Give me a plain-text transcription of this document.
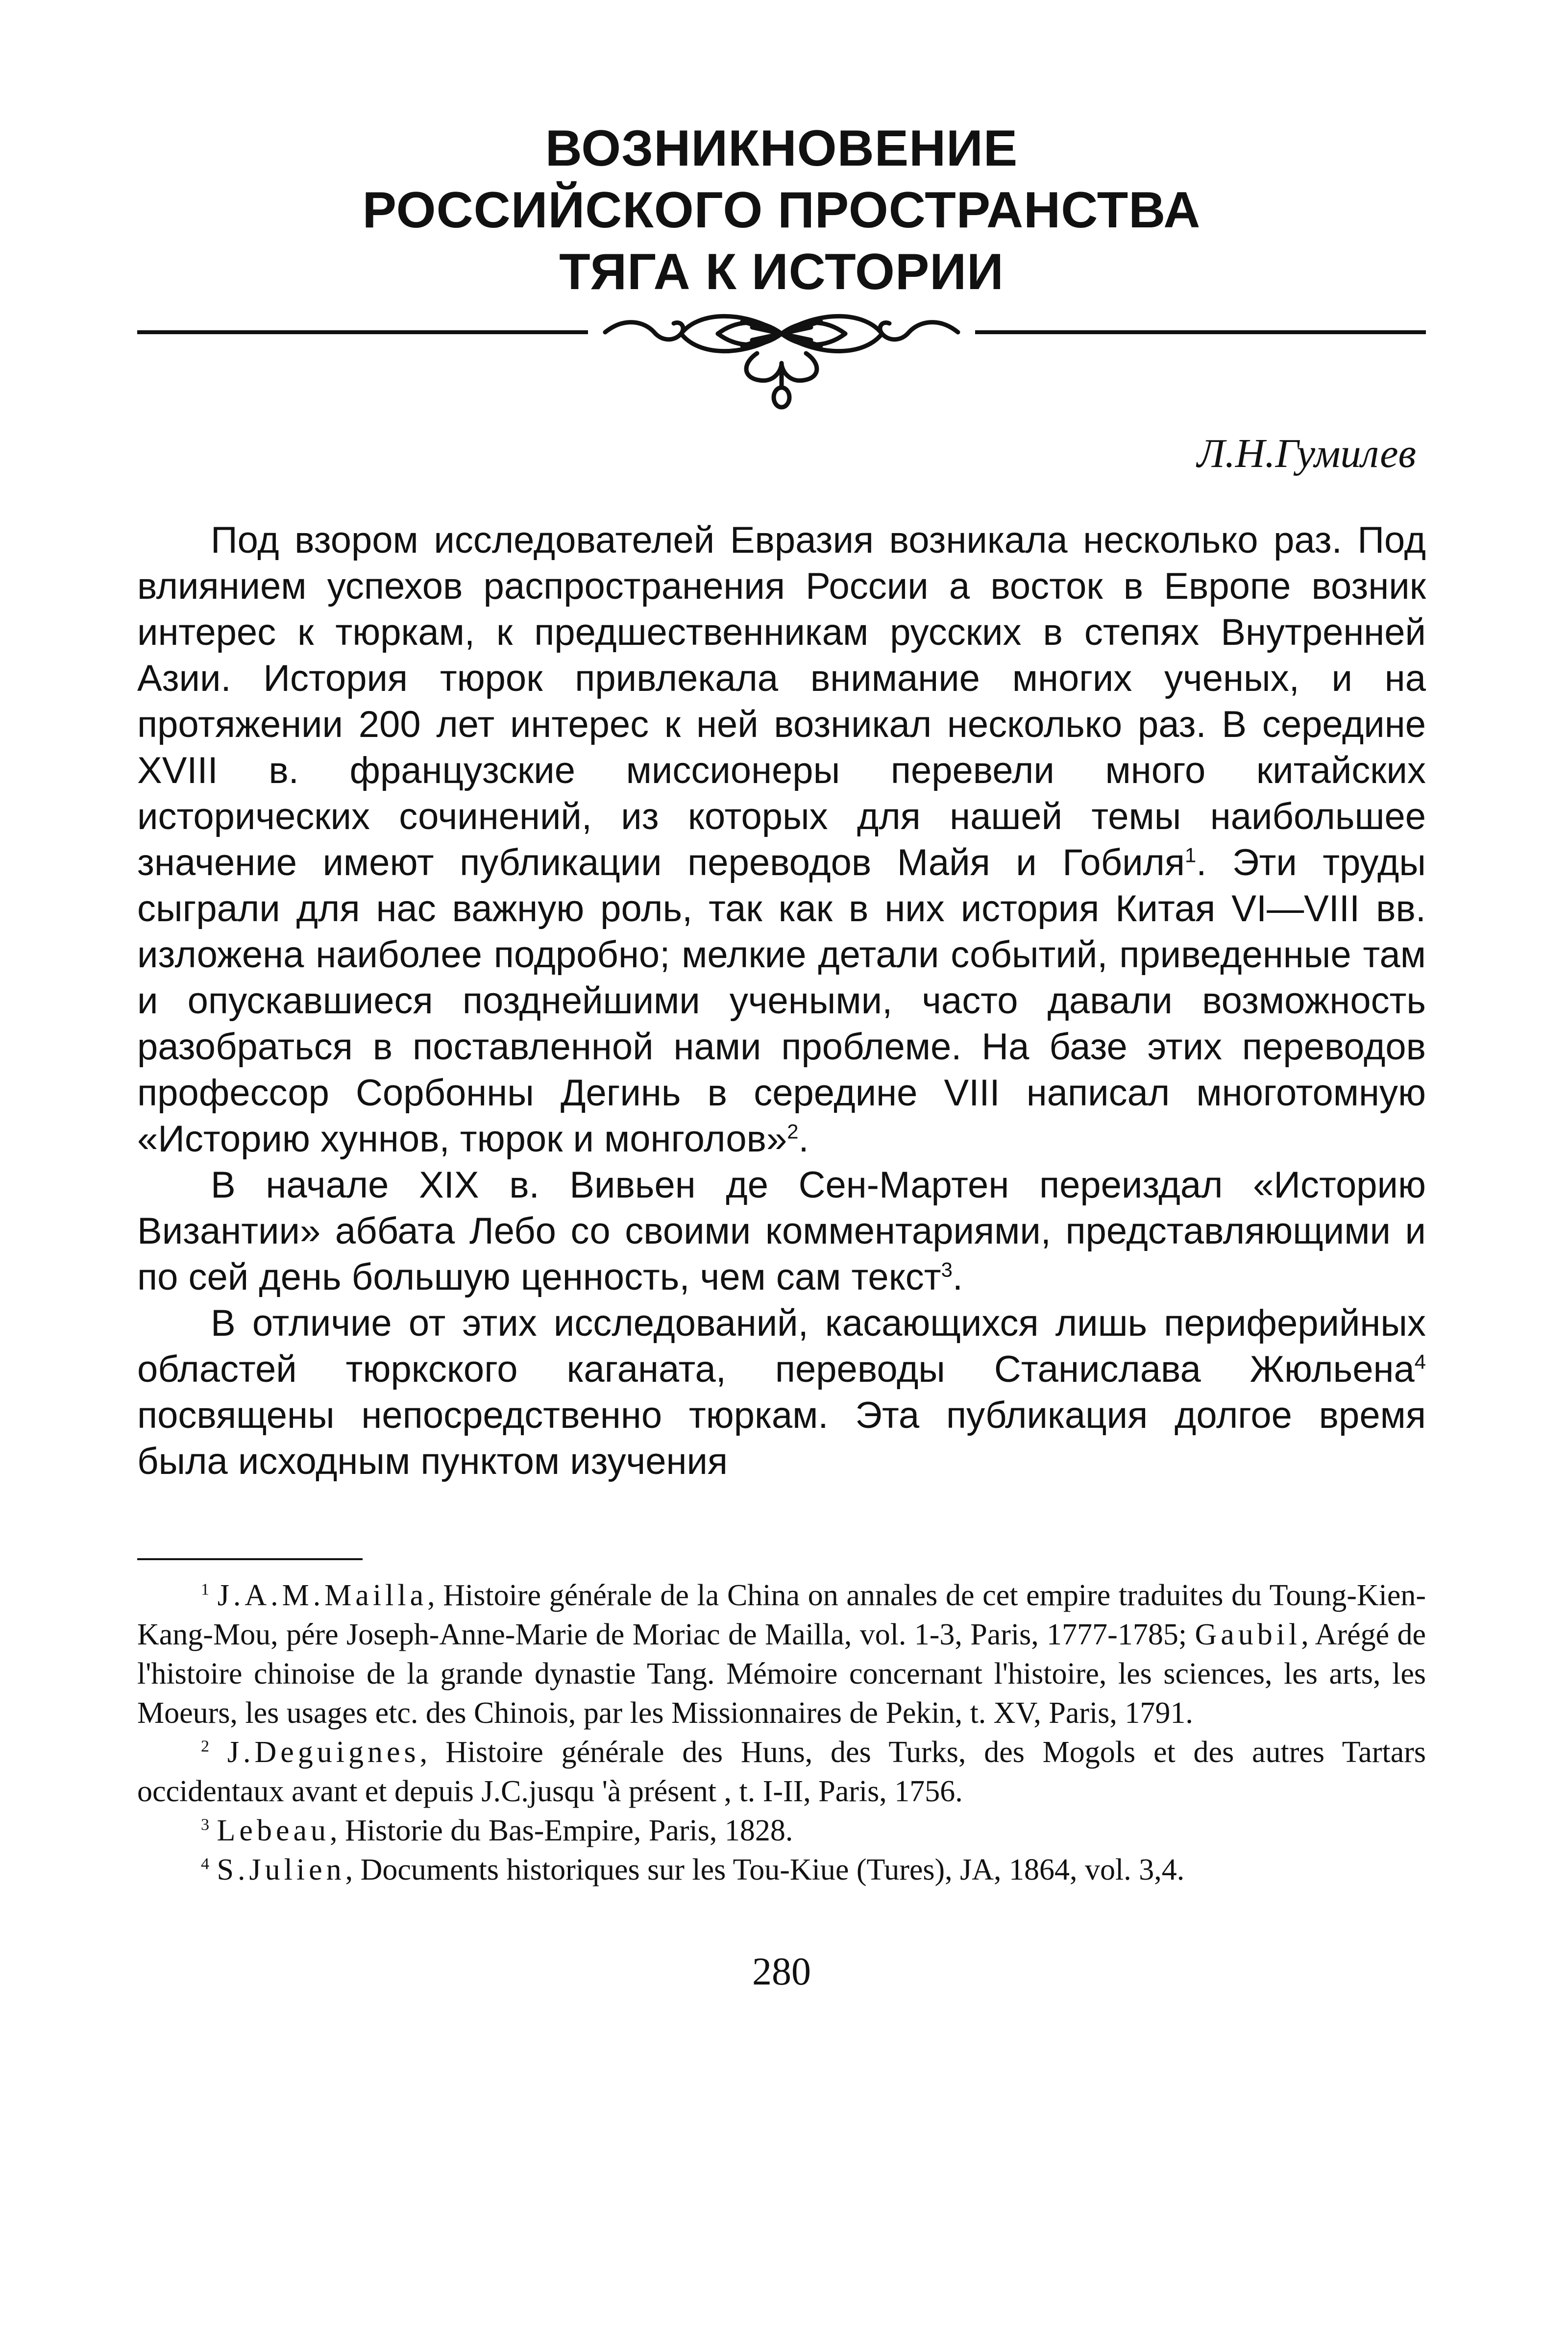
ВОЗНИКНОВЕНИЕ
РОССИЙСКОГО ПРОСТРАНСТВА
ТЯГА К ИСТОРИИ
Л.Н.Гумилев

Под взором исследователей Евразия возникала несколько раз. Под влиянием успехов распространения России а восток в Европе возник интерес к тюркам, к предшественникам русских в степях Внутренней Азии. История тюрок привлекала внимание многих ученых, и на протяжении 200 лет интерес к ней возникал несколько раз. В середине XVIII в. французские миссионеры перевели много китайских исторических сочинений, из которых для нашей темы наибольшее значение имеют публикации переводов Майя и Гобиля$^1$. Эти труды сыграли для нас важную роль, так как в них история Китая VI—VIII вв. изложена наиболее подробно; мелкие детали событий, приведенные там и опускавшиеся позднейшими учеными, часто давали возможность разобраться в поставленной нами проблеме. На базе этих переводов профессор Сорбонны Дегинь в середине VIII написал многотомную «Историю хуннов, тюрок и монголов»$^2$.

В начале XIX в. Вивьен де Сен-Мартен переиздал «Историю Византии» аббата Лебо со своими комментариями, представляющими и по сей день большую ценность, чем сам текст$^3$.

В отличие от этих исследований, касающихся лишь периферийных областей тюркского каганата, переводы Станислава Жюльена$^4$ посвящены непосредственно тюркам. Эта публикация долгое время была исходным пунктом изучения

$^1$ J.A.M.Mailla, Histoire générale de la China on annales de cet empire traduites du Toung-Kien-Kang-Mou, pére Joseph-Anne-Marie de Moriac de Mailla, vol. 1-3, Paris, 1777-1785; Gaubil, Arégé de l'histoire chinoise de la grande dynastie Tang. Mémoire concernant l'histoire, les sciences, les arts, les Moeurs, les usages etc. des Chinois, par les Missionnaires de Pekin, t. XV, Paris, 1791.

$^2$ J.Deguignes, Histoire générale des Huns, des Turks, des Mogols et des autres Tartars occidentaux avant et depuis J.C.jusqu 'à présent , t. I-II, Paris, 1756.

$^3$ Lebeau, Historie du Bas-Empire, Paris, 1828.

$^4$ S.Julien, Documents historiques sur les Tou-Kiue (Tures), JA, 1864, vol. 3,4.

280
